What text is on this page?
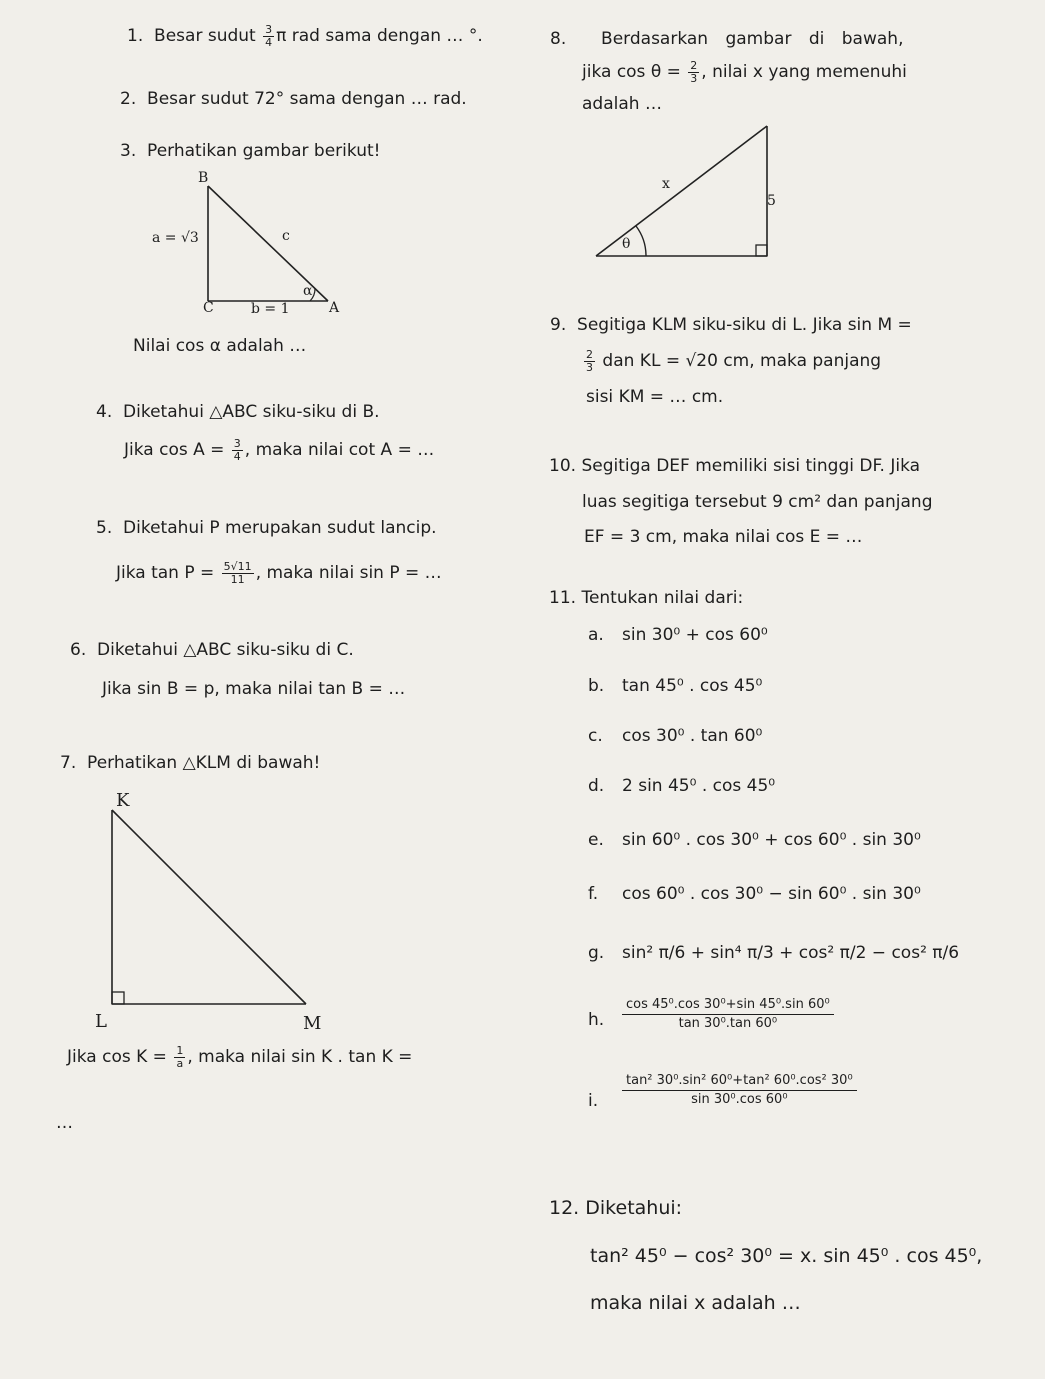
1. Besar sudut $\frac{3}{4}$ π rad sama dengan … °.
2. Besar sudut 72° sama dengan … rad.
3. Perhatikan gambar berikut!
B
a = √3	c
α
C	b = 1	A
Nilai cos α adalah …
4. Diketahui △ABC siku-siku di B.
Jika $\cos A = \frac{3}{4}$ , maka nilai cot A = …
5. Diketahui P merupakan sudut lancip.
Jika $\tan P = \frac{5√11}{11}$ , maka nilai sin P = …
6. Diketahui △ABC siku-siku di C.
Jika sin B = p, maka nilai tan B = …
7. Perhatikan △KLM di bawah!
K
L	M
Jika $\cos K = \frac{1}{a}$ , maka nilai sin K . tan K =
…
8. Berdasarkan gambar di bawah,
jika $\cos \theta = \frac{2}{3}$ , nilai x yang memenuhi
adalah …
x
5
θ
9. Segitiga KLM siku-siku di L. Jika sin M =
$\frac{2}{3}$ dan KL = √20 cm, maka panjang
sisi KM = … cm.
10. Segitiga DEF memiliki sisi tinggi DF. Jika
luas segitiga tersebut 9 cm² dan panjang
EF = 3 cm, maka nilai cos E = …
11. Tentukan nilai dari:
a. sin 30⁰ + cos 60⁰
b. tan 45⁰ . cos 45⁰
c. cos 30⁰ . tan 60⁰
d. 2 sin 45⁰ . cos 45⁰
e. sin 60⁰ . cos 30⁰ + cos 60⁰ . sin 30⁰
f. cos 60⁰ . cos 30⁰ − sin 60⁰ . sin 30⁰
g. sin² π/6 + sin⁴ π/3 + cos² π/2 − cos² π/6
h. $\frac{\text{cos 45⁰.cos 30⁰+sin 45⁰.sin 60⁰}}{\text{tan 30⁰.tan 60⁰}}$
i. $\frac{\text{tan² 30⁰.sin² 60⁰+tan² 60⁰.cos² 30⁰}}{\text{sin 30⁰.cos 60⁰}}$
12. Diketahui:
tan² 45⁰ − cos² 30⁰ = x. sin 45⁰ . cos 45⁰,
maka nilai x adalah …
